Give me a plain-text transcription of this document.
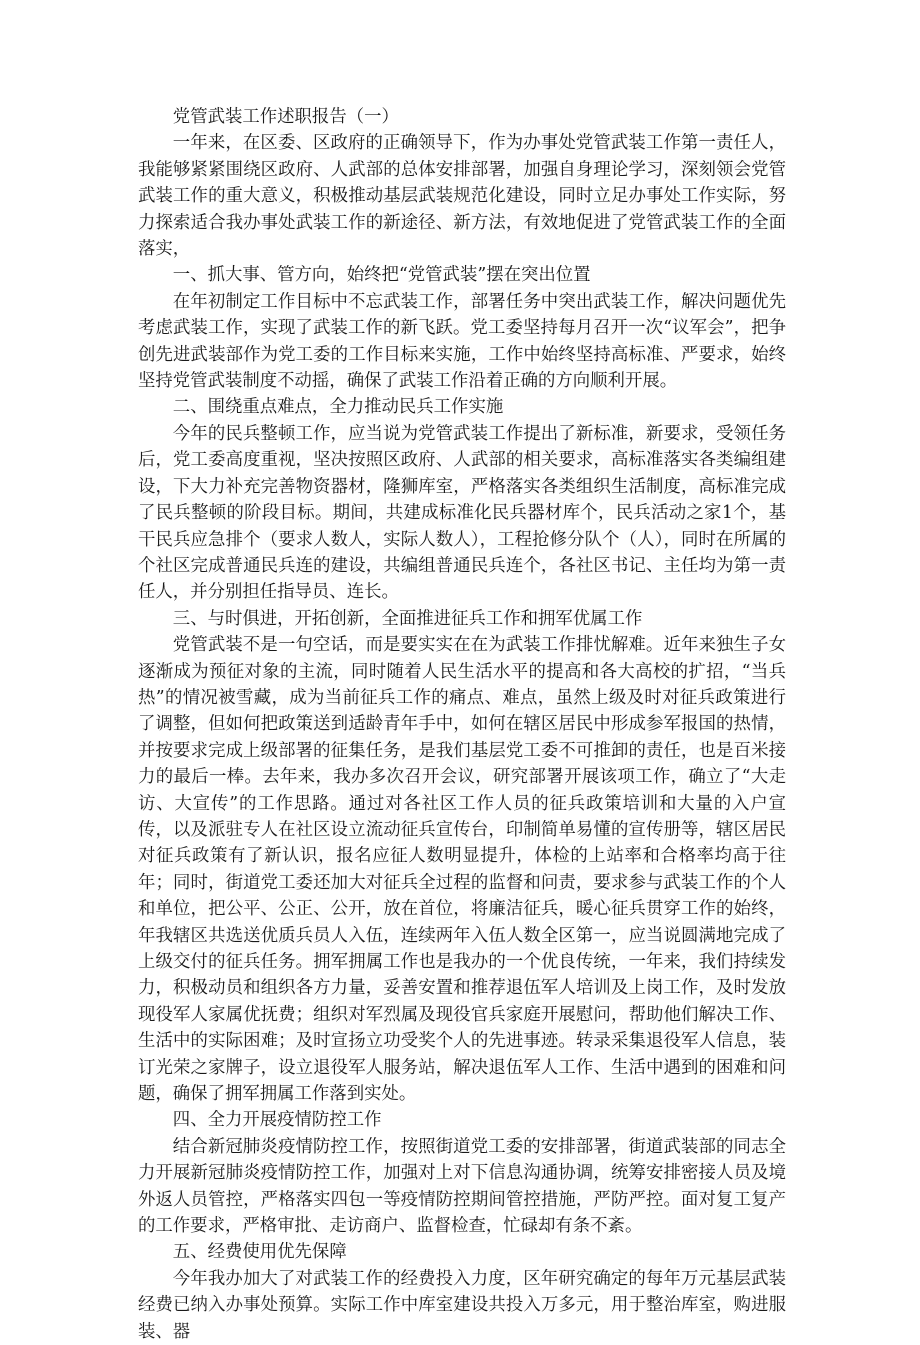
党管武装工作述职报告（一）

一年来，在区委、区政府的正确领导下，作为办事处党管武装工作第一责任人，我能够紧紧围绕区政府、人武部的总体安排部署，加强自身理论学习，深刻领会党管武装工作的重大意义，积极推动基层武装规范化建设，同时立足办事处工作实际，努力探索适合我办事处武装工作的新途径、新方法，有效地促进了党管武装工作的全面落实，

一、抓大事、管方向，始终把“党管武装”摆在突出位置

在年初制定工作目标中不忘武装工作，部署任务中突出武装工作，解决问题优先考虑武装工作，实现了武装工作的新飞跃。党工委坚持每月召开一次“议军会”，把争创先进武装部作为党工委的工作目标来实施，工作中始终坚持高标准、严要求，始终坚持党管武装制度不动摇，确保了武装工作沿着正确的方向顺利开展。

二、围绕重点难点，全力推动民兵工作实施

今年的民兵整顿工作，应当说为党管武装工作提出了新标准，新要求，受领任务后，党工委高度重视，坚决按照区政府、人武部的相关要求，高标准落实各类编组建设，下大力补充完善物资器材，隆狮库室，严格落实各类组织生活制度，高标准完成了民兵整顿的阶段目标。期间，共建成标准化民兵器材库个，民兵活动之家1个，基干民兵应急排个（要求人数人，实际人数人），工程抢修分队个（人），同时在所属的个社区完成普通民兵连的建设，共编组普通民兵连个，各社区书记、主任均为第一责任人，并分别担任指导员、连长。

三、与时俱进，开拓创新，全面推进征兵工作和拥军优属工作

党管武装不是一句空话，而是要实实在在为武装工作排忧解难。近年来独生子女逐渐成为预征对象的主流，同时随着人民生活水平的提高和各大高校的扩招，“当兵热”的情况被雪藏，成为当前征兵工作的痛点、难点，虽然上级及时对征兵政策进行了调整，但如何把政策送到适龄青年手中，如何在辖区居民中形成参军报国的热情，并按要求完成上级部署的征集任务，是我们基层党工委不可推卸的责任，也是百米接力的最后一棒。去年来，我办多次召开会议，研究部署开展该项工作，确立了“大走访、大宣传”的工作思路。通过对各社区工作人员的征兵政策培训和大量的入户宣传，以及派驻专人在社区设立流动征兵宣传台，印制简单易懂的宣传册等，辖区居民对征兵政策有了新认识，报名应征人数明显提升，体检的上站率和合格率均高于往年；同时，街道党工委还加大对征兵全过程的监督和问责，要求参与武装工作的个人和单位，把公平、公正、公开，放在首位，将廉洁征兵，暖心征兵贯穿工作的始终，年我辖区共选送优质兵员人入伍，连续两年入伍人数全区第一，应当说圆满地完成了上级交付的征兵任务。拥军拥属工作也是我办的一个优良传统，一年来，我们持续发力，积极动员和组织各方力量，妥善安置和推荐退伍军人培训及上岗工作，及时发放现役军人家属优抚费；组织对军烈属及现役官兵家庭开展慰问，帮助他们解决工作、生活中的实际困难；及时宣扬立功受奖个人的先进事迹。转录采集退役军人信息，装订光荣之家牌子，设立退役军人服务站，解决退伍军人工作、生活中遇到的困难和问题，确保了拥军拥属工作落到实处。

四、全力开展疫情防控工作

结合新冠肺炎疫情防控工作，按照街道党工委的安排部署，街道武装部的同志全力开展新冠肺炎疫情防控工作，加强对上对下信息沟通协调，统筹安排密接人员及境外返人员管控，严格落实四包一等疫情防控期间管控措施，严防严控。面对复工复产的工作要求，严格审批、走访商户、监督检查，忙碌却有条不紊。

五、经费使用优先保障

今年我办加大了对武装工作的经费投入力度，区年研究确定的每年万元基层武装经费已纳入办事处预算。实际工作中库室建设共投入万多元，用于整治库室，购进服装、器
